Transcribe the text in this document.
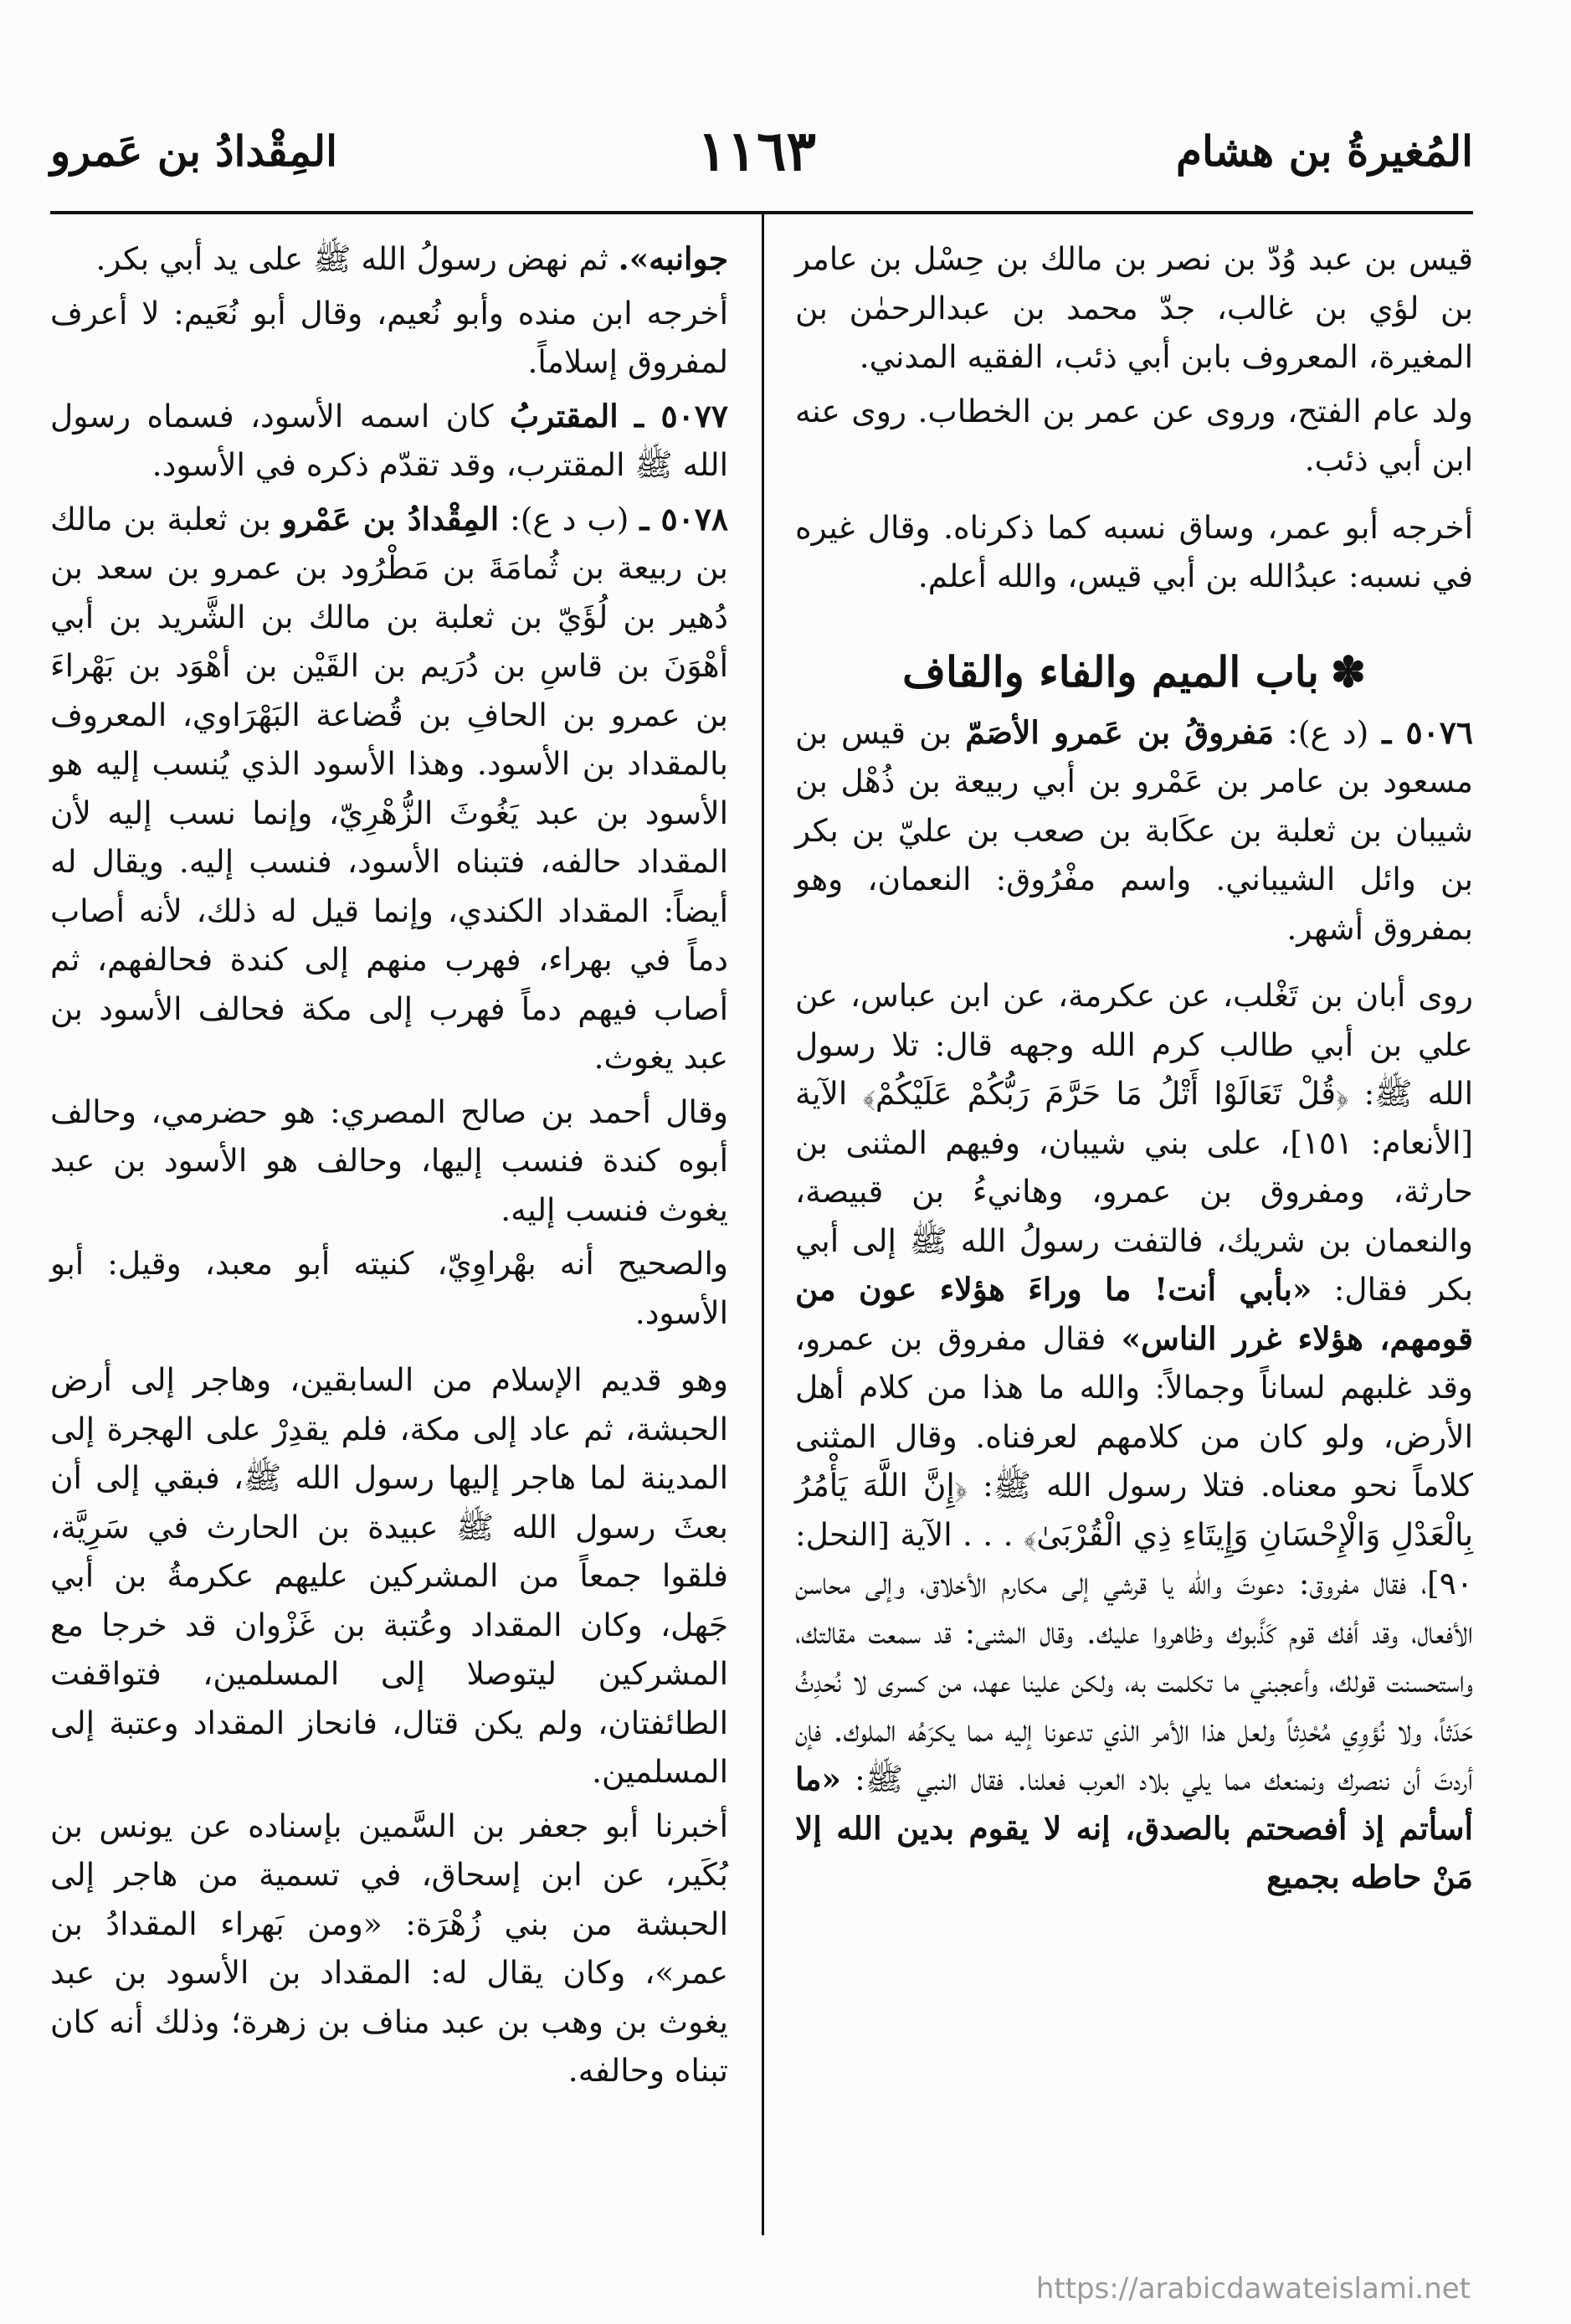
المُغيرةُ بن هشام
١١٦٣
المِقْدادُ بن عَمرو

قيس بن عبد وُدّ بن نصر بن مالك بن حِسْل بن عامر بن لؤي بن غالب، جدّ محمد بن عبدالرحمٰن بن المغيرة، المعروف بابن أبي ذئب، الفقيه المدني.

ولد عام الفتح، وروى عن عمر بن الخطاب. روى عنه ابن أبي ذئب.

أخرجه أبو عمر، وساق نسبه كما ذكرناه. وقال غيره في نسبه: عبدُالله بن أبي قيس، والله أعلم.

✽باب الميم والفاء والقاف

٥٠٧٦ ـ (د ع): مَفروقُ بن عَمرو الأصَمّ بن قيس بن مسعود بن عامر بن عَمْرو بن أبي ربيعة بن ذُهْل بن شيبان بن ثعلبة بن عكَابة بن صعب بن عليّ بن بكر بن وائل الشيباني. واسم مفْرُوق: النعمان، وهو بمفروق أشهر.

روى أبان بن تَغْلب، عن عكرمة، عن ابن عباس، عن علي بن أبي طالب كرم الله وجهه قال: تلا رسول الله ﷺ: ﴿قُلْ تَعَالَوْا أَتْلُ مَا حَرَّمَ رَبُّكُمْ عَلَيْكُمْ﴾ الآية [الأنعام: ١٥١]، على بني شيبان، وفيهم المثنى بن حارثة، ومفروق بن عمرو، وهانيءُ بن قبيصة، والنعمان بن شريك، فالتفت رسولُ الله ﷺ إلى أبي بكر فقال: «بأبي أنت! ما وراءَ هؤلاء عون من قومهم، هؤلاء غرر الناس» فقال مفروق بن عمرو، وقد غلبهم لساناً وجمالاً: والله ما هذا من كلام أهل الأرض، ولو كان من كلامهم لعرفناه. وقال المثنى كلاماً نحو معناه. فتلا رسول الله ﷺ: ﴿إِنَّ اللَّهَ يَأْمُرُ بِالْعَدْلِ وَالْإِحْسَانِ وَإِيتَاءِ ذِي الْقُرْبَىٰ﴾ . . . الآية [النحل: ٩٠]، فقال مفروق: دعوتَ والله يا قرشي إلى مكارم الأخلاق، وإلى محاسن الأفعال، وقد أفك قوم كَذَّبوك وظاهروا عليك. وقال المثنى: قد سمعت مقالتك، واستحسنت قولك، وأعجبني ما تكلمت به، ولكن علينا عهد، من كسرى لا نُحدِثُ حَدَثاً، ولا نُؤوِي مُحْدِثاً ولعل هذا الأمر الذي تدعونا إليه مما يكرَهُه الملوك. فإن أردتَ أن ننصرك ونمنعك مما يلي بلاد العرب فعلنا. فقال النبي ﷺ: «ما أسأتم إذ أفصحتم بالصدق، إنه لا يقوم بدين الله إلا مَنْ حاطه بجميع

جوانبه». ثم نهض رسولُ الله ﷺ على يد أبي بكر.

أخرجه ابن منده وأبو نُعيم، وقال أبو نُعَيم: لا أعرف لمفروق إسلاماً.

٥٠٧٧ ـ المقتربُ كان اسمه الأسود، فسماه رسول الله ﷺ المقترب، وقد تقدّم ذكره في الأسود.

٥٠٧٨ ـ (ب د ع): المِقْدادُ بن عَمْرو بن ثعلبة بن مالك بن ربيعة بن ثُمامَةَ بن مَطْرُود بن عمرو بن سعد بن دُهير بن لُؤَيّ بن ثعلبة بن مالك بن الشَّريد بن أبي أهْوَنَ بن قاسِ بن دُرَيم بن القَيْن بن أهْوَد بن بَهْراءَ بن عمرو بن الحافِ بن قُضاعة البَهْرَاوي، المعروف بالمقداد بن الأسود. وهذا الأسود الذي يُنسب إليه هو الأسود بن عبد يَغُوثَ الزُّهْرِيّ، وإنما نسب إليه لأن المقداد حالفه، فتبناه الأسود، فنسب إليه. ويقال له أيضاً: المقداد الكندي، وإنما قيل له ذلك، لأنه أصاب دماً في بهراء، فهرب منهم إلى كندة فحالفهم، ثم أصاب فيهم دماً فهرب إلى مكة فحالف الأسود بن عبد يغوث.

وقال أحمد بن صالح المصري: هو حضرمي، وحالف أبوه كندة فنسب إليها، وحالف هو الأسود بن عبد يغوث فنسب إليه.

والصحيح أنه بهْراوِيّ، كنيته أبو معبد، وقيل: أبو الأسود.

وهو قديم الإسلام من السابقين، وهاجر إلى أرض الحبشة، ثم عاد إلى مكة، فلم يقدِرْ على الهجرة إلى المدينة لما هاجر إليها رسول الله ﷺ، فبقي إلى أن بعثَ رسول الله ﷺ عبيدة بن الحارث في سَرِيَّة، فلقوا جمعاً من المشركين عليهم عكرمةُ بن أبي جَهل، وكان المقداد وعُتبة بن غَزْوان قد خرجا مع المشركين ليتوصلا إلى المسلمين، فتواقفت الطائفتان، ولم يكن قتال، فانحاز المقداد وعتبة إلى المسلمين.

أخبرنا أبو جعفر بن السَّمين بإسناده عن يونس بن بُكَير، عن ابن إسحاق، في تسمية من هاجر إلى الحبشة من بني زُهْرَة: «ومن بَهراء المقدادُ بن عمر»، وكان يقال له: المقداد بن الأسود بن عبد يغوث بن وهب بن عبد مناف بن زهرة؛ وذلك أنه كان تبناه وحالفه.

https://arabicdawateislami.net
